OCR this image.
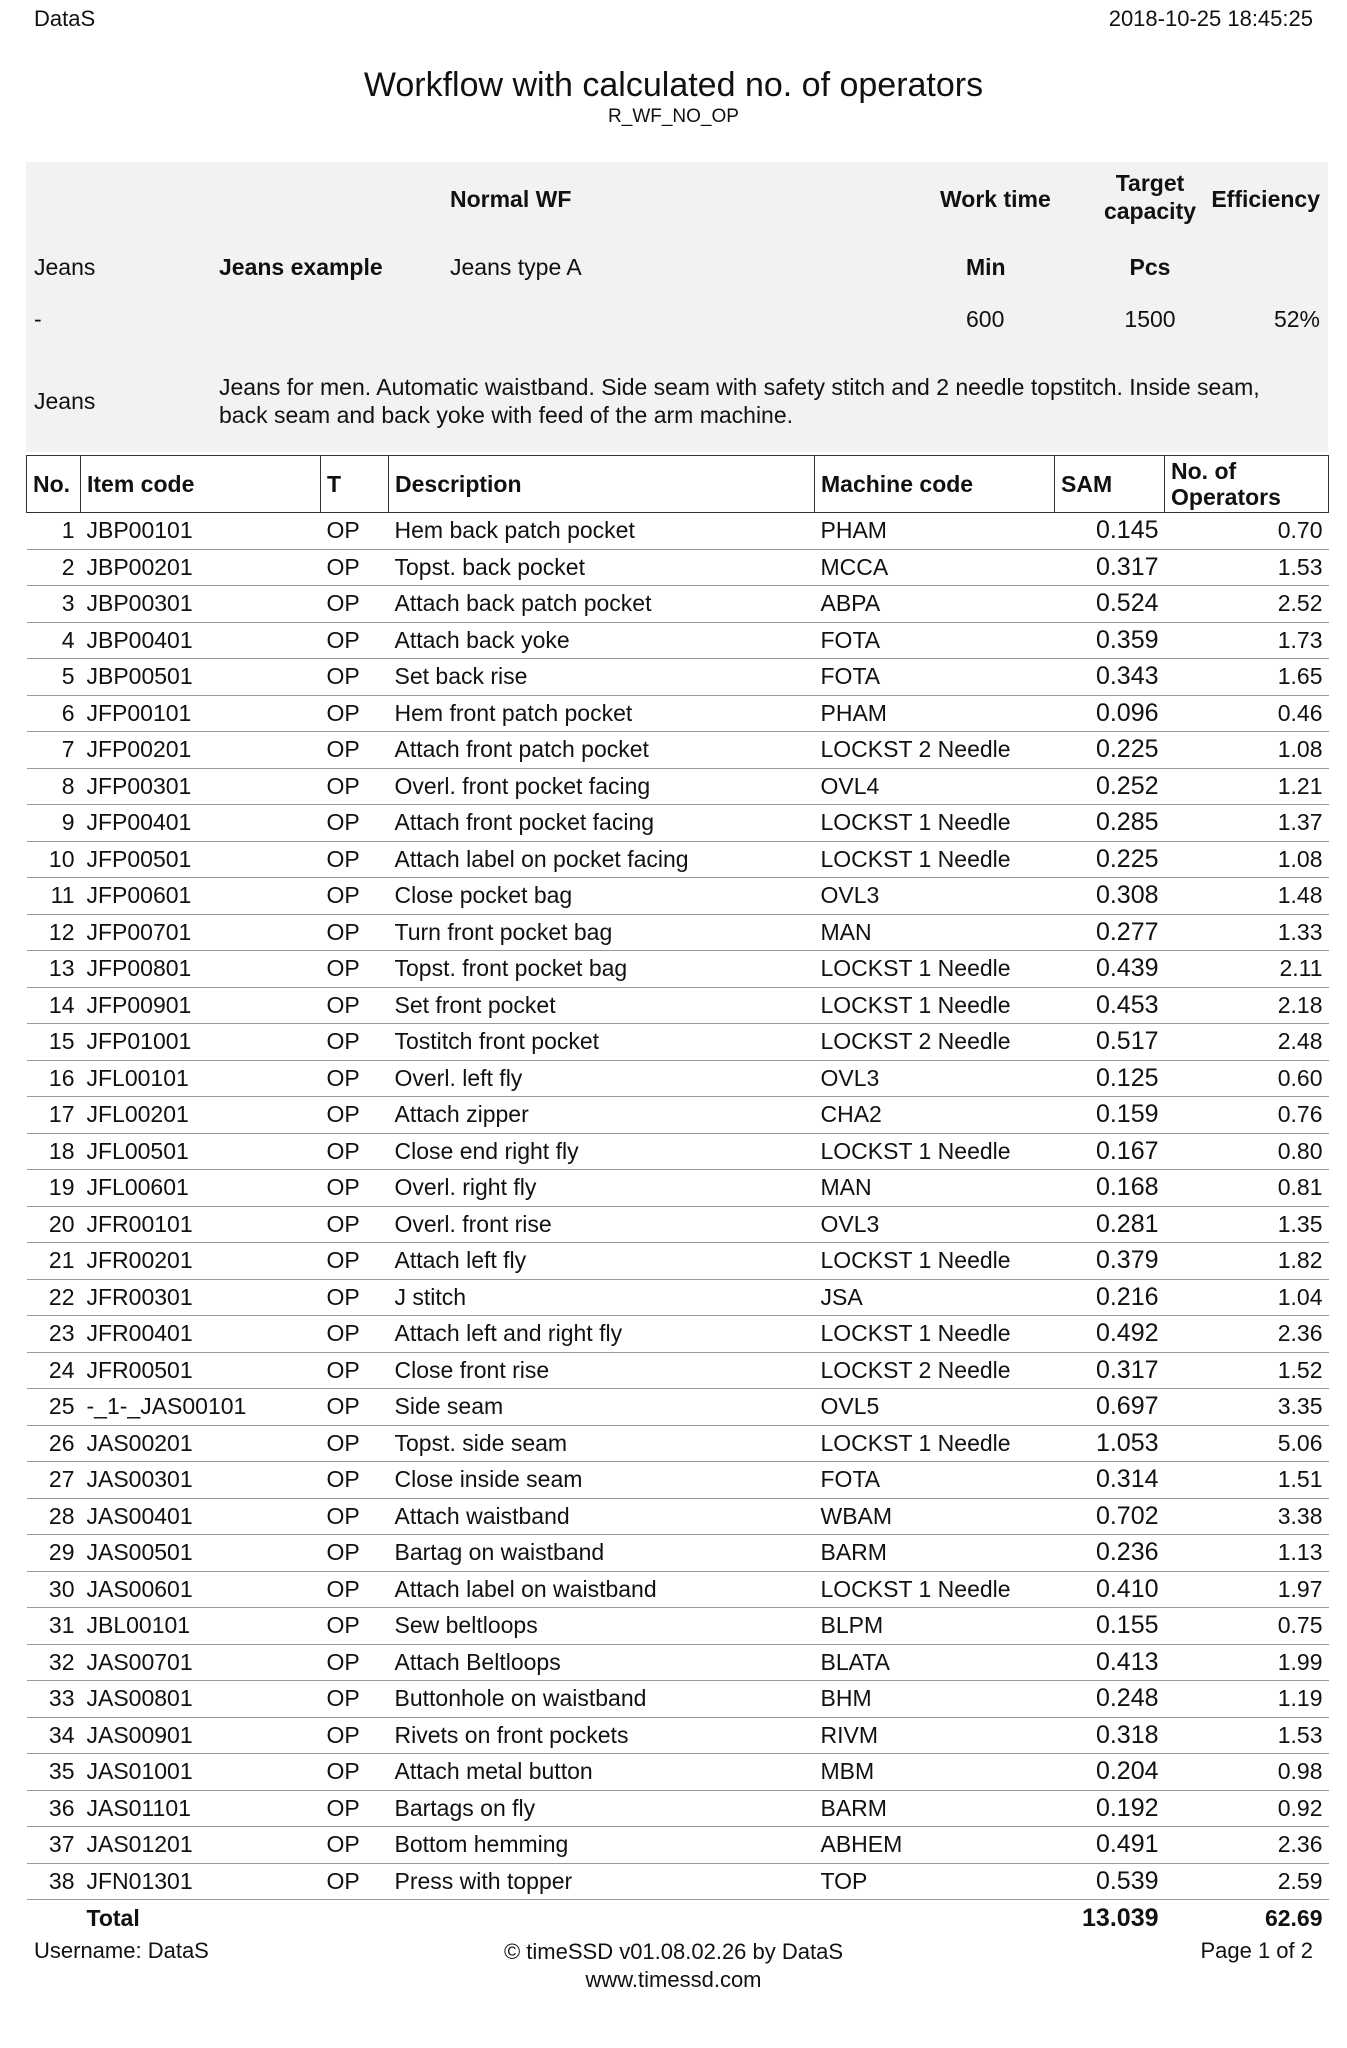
DataS	2018-10-25 18:45:25
Workflow with calculated no. of operators
R_WF_NO_OP
Normal WF	Work time
Target
capacity Efficiency
Jeans	Jeans example	Jeans type A	Min	Pcs
-	600	1500	52%
Jeans
Jeans for men. Automatic waistband. Side seam with safety stitch and 2 needle topstitch. Inside seam,
back seam and back yoke with feed of the arm machine.
No.	Item code	T	Description	Machine code	SAM	No. of
Operators
1	JBP00101	OP	Hem back patch pocket	PHAM	0.145	0.70
2	JBP00201	OP	Topst. back pocket	MCCA	0.317	1.53
3	JBP00301	OP	Attach back patch pocket	ABPA	0.524	2.52
4	JBP00401	OP	Attach back yoke	FOTA	0.359	1.73
5	JBP00501	OP	Set back rise	FOTA	0.343	1.65
6	JFP00101	OP	Hem front patch pocket	PHAM	0.096	0.46
7	JFP00201	OP	Attach front patch pocket	LOCKST 2 Needle	0.225	1.08
8	JFP00301	OP	Overl. front pocket facing	OVL4	0.252	1.21
9	JFP00401	OP	Attach front pocket facing	LOCKST 1 Needle	0.285	1.37
10	JFP00501	OP	Attach label on pocket facing	LOCKST 1 Needle	0.225	1.08
11	JFP00601	OP	Close pocket bag	OVL3	0.308	1.48
12	JFP00701	OP	Turn front pocket bag	MAN	0.277	1.33
13	JFP00801	OP	Topst. front pocket bag	LOCKST 1 Needle	0.439	2.11
14	JFP00901	OP	Set front pocket	LOCKST 1 Needle	0.453	2.18
15	JFP01001	OP	Tostitch front pocket	LOCKST 2 Needle	0.517	2.48
16	JFL00101	OP	Overl. left fly	OVL3	0.125	0.60
17	JFL00201	OP	Attach zipper	CHA2	0.159	0.76
18	JFL00501	OP	Close end right fly	LOCKST 1 Needle	0.167	0.80
19	JFL00601	OP	Overl. right fly	MAN	0.168	0.81
20	JFR00101	OP	Overl. front rise	OVL3	0.281	1.35
21	JFR00201	OP	Attach left fly	LOCKST 1 Needle	0.379	1.82
22	JFR00301	OP	J stitch	JSA	0.216	1.04
23	JFR00401	OP	Attach left and right fly	LOCKST 1 Needle	0.492	2.36
24	JFR00501	OP	Close front rise	LOCKST 2 Needle	0.317	1.52
25	-_1-_JAS00101	OP	Side seam	OVL5	0.697	3.35
26	JAS00201	OP	Topst. side seam	LOCKST 1 Needle	1.053	5.06
27	JAS00301	OP	Close inside seam	FOTA	0.314	1.51
28	JAS00401	OP	Attach waistband	WBAM	0.702	3.38
29	JAS00501	OP	Bartag on waistband	BARM	0.236	1.13
30	JAS00601	OP	Attach label on waistband	LOCKST 1 Needle	0.410	1.97
31	JBL00101	OP	Sew beltloops	BLPM	0.155	0.75
32	JAS00701	OP	Attach Beltloops	BLATA	0.413	1.99
33	JAS00801	OP	Buttonhole on waistband	BHM	0.248	1.19
34	JAS00901	OP	Rivets on front pockets	RIVM	0.318	1.53
35	JAS01001	OP	Attach metal button	MBM	0.204	0.98
36	JAS01101	OP	Bartags on fly	BARM	0.192	0.92
37	JAS01201	OP	Bottom hemming	ABHEM	0.491	2.36
38	JFN01301	OP	Press with topper	TOP	0.539	2.59
	Total				13.039	62.69
Username: DataS	© timeSSD v01.08.02.26 by DataS
www.timessd.com
Page 1 of 2
